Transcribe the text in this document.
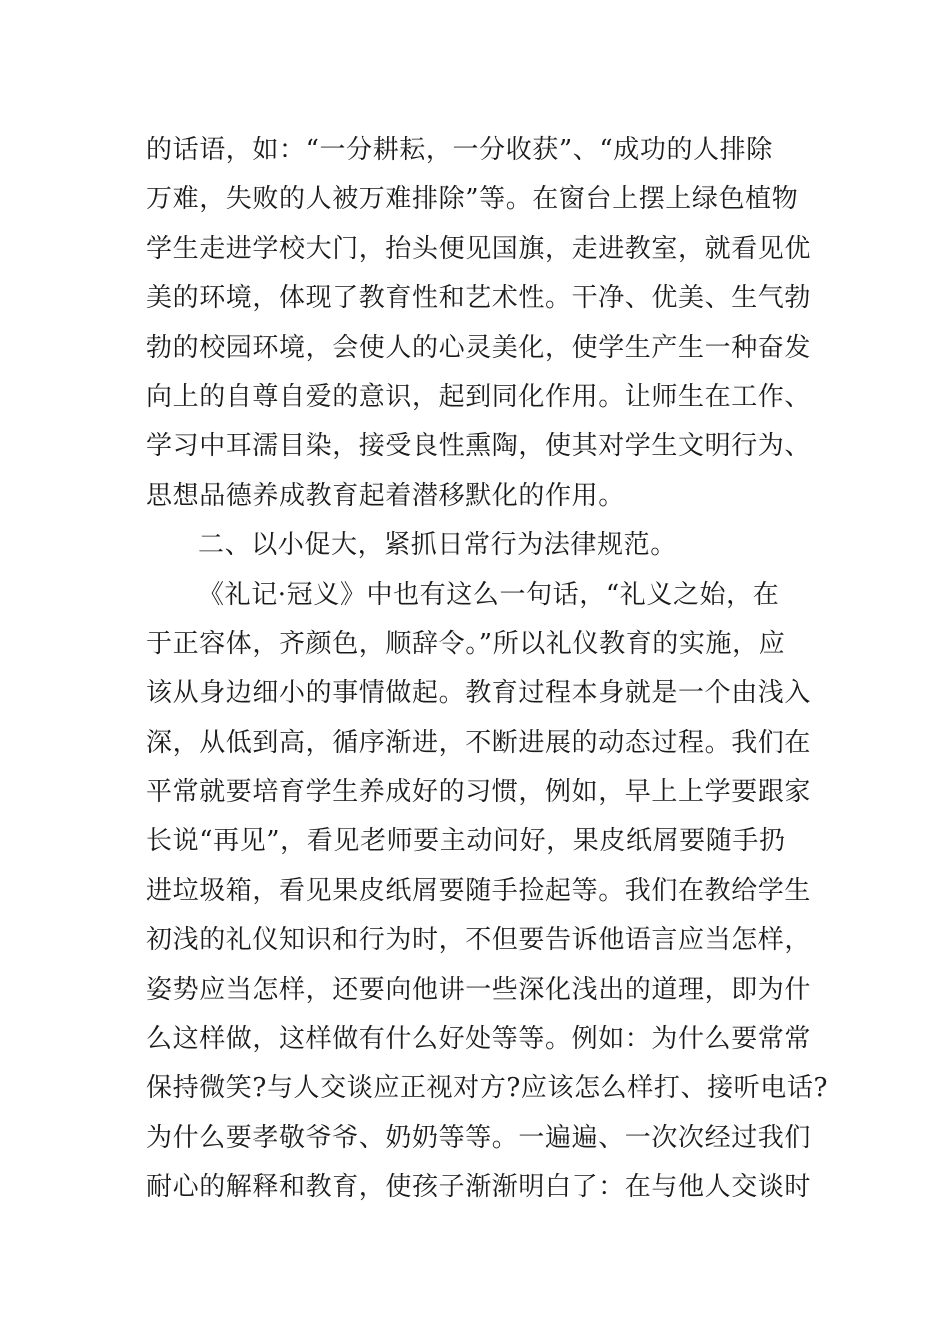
的话语，如：“一分耕耘，一分收获”、“成功的人排除
万难，失败的人被万难排除”等。在窗台上摆上绿色植物
学生走进学校大门，抬头便见国旗，走进教室，就看见优
美的环境，体现了教育性和艺术性。干净、优美、生气勃
勃的校园环境，会使人的心灵美化，使学生产生一种奋发
向上的自尊自爱的意识，起到同化作用。让师生在工作、
学习中耳濡目染，接受良性熏陶，使其对学生文明行为、
思想品德养成教育起着潜移默化的作用。
二、以小促大，紧抓日常行为法律规范。
《礼记·冠义》中也有这么一句话，“礼义之始，在
于正容体，齐颜色，顺辞令。”所以礼仪教育的实施，应
该从身边细小的事情做起。教育过程本身就是一个由浅入
深，从低到高，循序渐进，不断进展的动态过程。我们在
平常就要培育学生养成好的习惯，例如，早上上学要跟家
长说“再见”，看见老师要主动问好，果皮纸屑要随手扔
进垃圾箱，看见果皮纸屑要随手捡起等。我们在教给学生
初浅的礼仪知识和行为时，不但要告诉他语言应当怎样，
姿势应当怎样，还要向他讲一些深化浅出的道理，即为什
么这样做，这样做有什么好处等等。例如：为什么要常常
保持微笑?与人交谈应正视对方?应该怎么样打、接听电话?
为什么要孝敬爷爷、奶奶等等。一遍遍、一次次经过我们
耐心的解释和教育，使孩子渐渐明白了：在与他人交谈时
